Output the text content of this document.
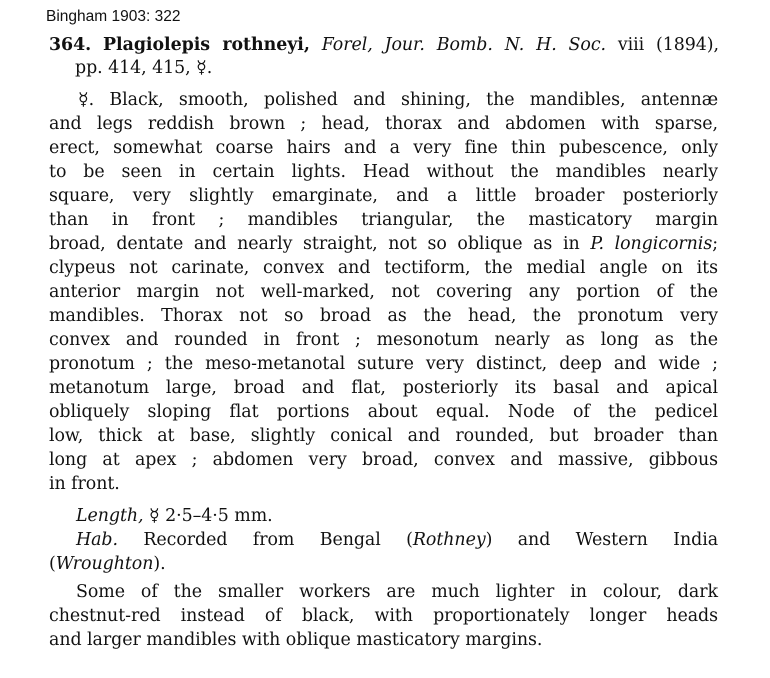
Bingham 1903: 322
364. Plagiolepis rothneyi, Forel, Jour. Bomb. N. H. Soc. viii (1894),
pp. 414, 415, ☿.
☿. Black, smooth, polished and shining, the mandibles, antennæ
and legs reddish brown ; head, thorax and abdomen with sparse,
erect, somewhat coarse hairs and a very fine thin pubescence, only
to be seen in certain lights. Head without the mandibles nearly
square, very slightly emarginate, and a little broader posteriorly
than in front ; mandibles triangular, the masticatory margin
broad, dentate and nearly straight, not so oblique as in P. longicornis;
clypeus not carinate, convex and tectiform, the medial angle on its
anterior margin not well-marked, not covering any portion of the
mandibles. Thorax not so broad as the head, the pronotum very
convex and rounded in front ; mesonotum nearly as long as the
pronotum ; the meso-metanotal suture very distinct, deep and wide ;
metanotum large, broad and flat, posteriorly its basal and apical
obliquely sloping flat portions about equal. Node of the pedicel
low, thick at base, slightly conical and rounded, but broader than
long at apex ; abdomen very broad, convex and massive, gibbous
in front.
Length, ☿ 2·5–4·5 mm.
Hab. Recorded from Bengal (Rothney) and Western India
(Wroughton).
Some of the smaller workers are much lighter in colour, dark
chestnut-red instead of black, with proportionately longer heads
and larger mandibles with oblique masticatory margins.
